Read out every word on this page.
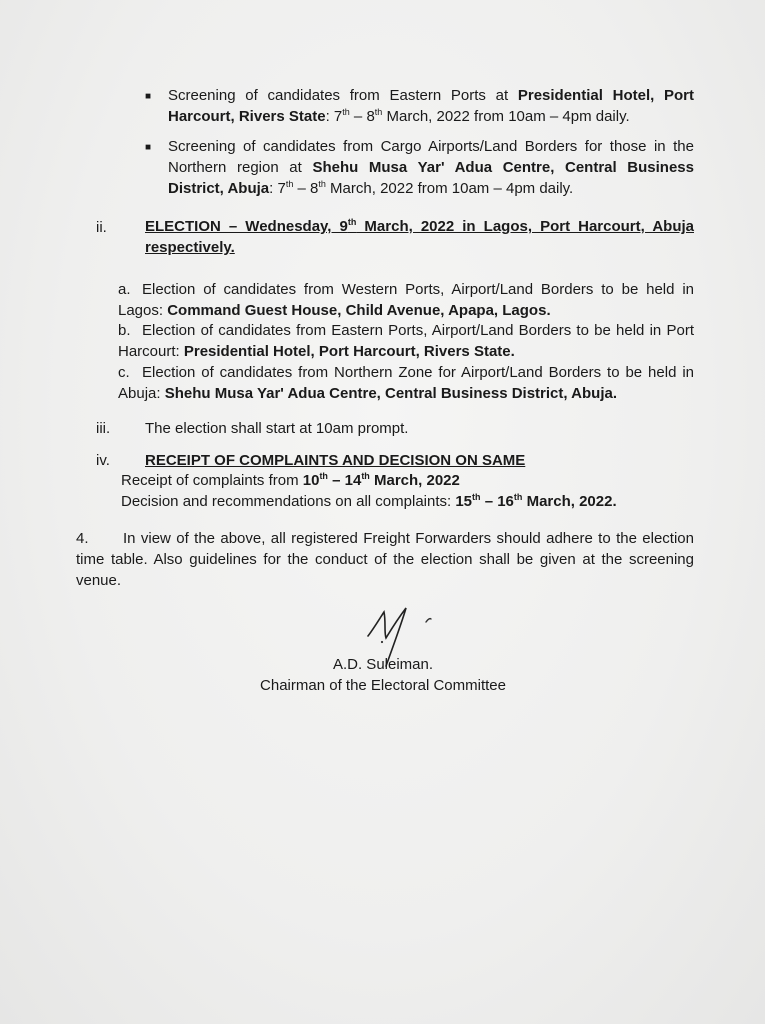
■ Screening of candidates from Eastern Ports at Presidential Hotel, Port Harcourt, Rivers State: 7th – 8th March, 2022 from 10am – 4pm daily.
■ Screening of candidates from Cargo Airports/Land Borders for those in the Northern region at Shehu Musa Yar' Adua Centre, Central Business District, Abuja: 7th – 8th March, 2022 from 10am – 4pm daily.
ii.	ELECTION – Wednesday, 9th March, 2022 in Lagos, Port Harcourt, Abuja respectively.
a. Election of candidates from Western Ports, Airport/Land Borders to be held in Lagos: Command Guest House, Child Avenue, Apapa, Lagos.
b. Election of candidates from Eastern Ports, Airport/Land Borders to be held in Port Harcourt: Presidential Hotel, Port Harcourt, Rivers State.
c. Election of candidates from Northern Zone for Airport/Land Borders to be held in Abuja: Shehu Musa Yar' Adua Centre, Central Business District, Abuja.
iii. The election shall start at 10am prompt.
iv. RECEIPT OF COMPLAINTS AND DECISION ON SAME
Receipt of complaints from 10th – 14th March, 2022
Decision and recommendations on all complaints: 15th – 16th March, 2022.
4. In view of the above, all registered Freight Forwarders should adhere to the election time table. Also guidelines for the conduct of the election shall be given at the screening venue.
A.D. Suleiman.
Chairman of the Electoral Committee
